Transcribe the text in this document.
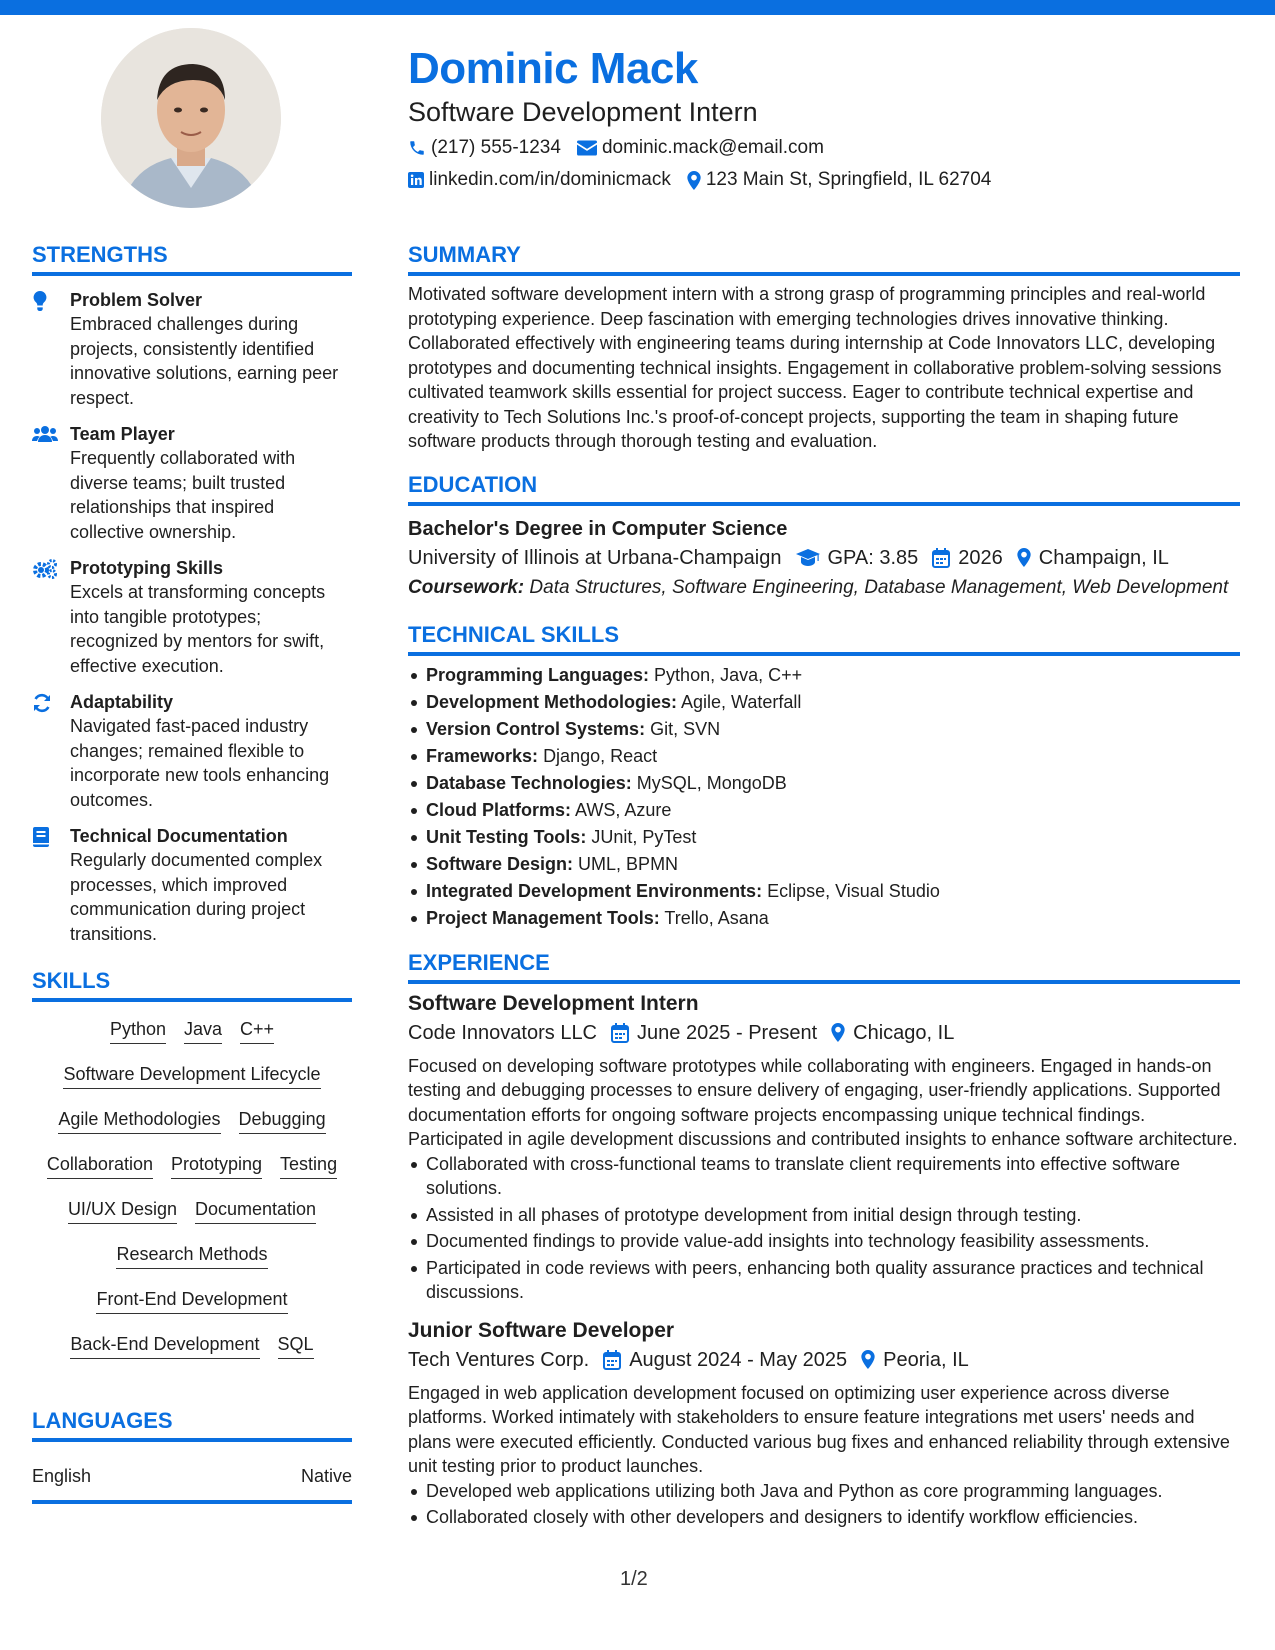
Dominic Mack
Software Development Intern
(217) 555-1234 dominic.mack@email.com
linkedin.com/in/dominicmack 123 Main St, Springfield, IL 62704
STRENGTHS
Problem Solver
Embraced challenges during projects, consistently identified innovative solutions, earning peer respect.
Team Player
Frequently collaborated with diverse teams; built trusted relationships that inspired collective ownership.
Prototyping Skills
Excels at transforming concepts into tangible prototypes; recognized by mentors for swift, effective execution.
Adaptability
Navigated fast-paced industry changes; remained flexible to incorporate new tools enhancing outcomes.
Technical Documentation
Regularly documented complex processes, which improved communication during project transitions.
SKILLS
Python Java C++
Software Development Lifecycle
Agile Methodologies Debugging
Collaboration Prototyping Testing
UI/UX Design Documentation
Research Methods
Front-End Development
Back-End Development SQL
LANGUAGES
English	Native
SUMMARY
Motivated software development intern with a strong grasp of programming principles and real-world prototyping experience. Deep fascination with emerging technologies drives innovative thinking. Collaborated effectively with engineering teams during internship at Code Innovators LLC, developing prototypes and documenting technical insights. Engagement in collaborative problem-solving sessions cultivated teamwork skills essential for project success. Eager to contribute technical expertise and creativity to Tech Solutions Inc.'s proof-of-concept projects, supporting the team in shaping future software products through thorough testing and evaluation.
EDUCATION
Bachelor's Degree in Computer Science
University of Illinois at Urbana-Champaign GPA: 3.85 2026 Champaign, IL
Coursework: Data Structures, Software Engineering, Database Management, Web Development
TECHNICAL SKILLS
Programming Languages: Python, Java, C++
Development Methodologies: Agile, Waterfall
Version Control Systems: Git, SVN
Frameworks: Django, React
Database Technologies: MySQL, MongoDB
Cloud Platforms: AWS, Azure
Unit Testing Tools: JUnit, PyTest
Software Design: UML, BPMN
Integrated Development Environments: Eclipse, Visual Studio
Project Management Tools: Trello, Asana
EXPERIENCE
Software Development Intern
Code Innovators LLC June 2025 - Present Chicago, IL
Focused on developing software prototypes while collaborating with engineers. Engaged in hands-on testing and debugging processes to ensure delivery of engaging, user-friendly applications. Supported documentation efforts for ongoing software projects encompassing unique technical findings. Participated in agile development discussions and contributed insights to enhance software architecture.
Collaborated with cross-functional teams to translate client requirements into effective software solutions.
Assisted in all phases of prototype development from initial design through testing.
Documented findings to provide value-add insights into technology feasibility assessments.
Participated in code reviews with peers, enhancing both quality assurance practices and technical discussions.
Junior Software Developer
Tech Ventures Corp. August 2024 - May 2025 Peoria, IL
Engaged in web application development focused on optimizing user experience across diverse platforms. Worked intimately with stakeholders to ensure feature integrations met users' needs and plans were executed efficiently. Conducted various bug fixes and enhanced reliability through extensive unit testing prior to product launches.
Developed web applications utilizing both Java and Python as core programming languages.
Collaborated closely with other developers and designers to identify workflow efficiencies.
1/2
